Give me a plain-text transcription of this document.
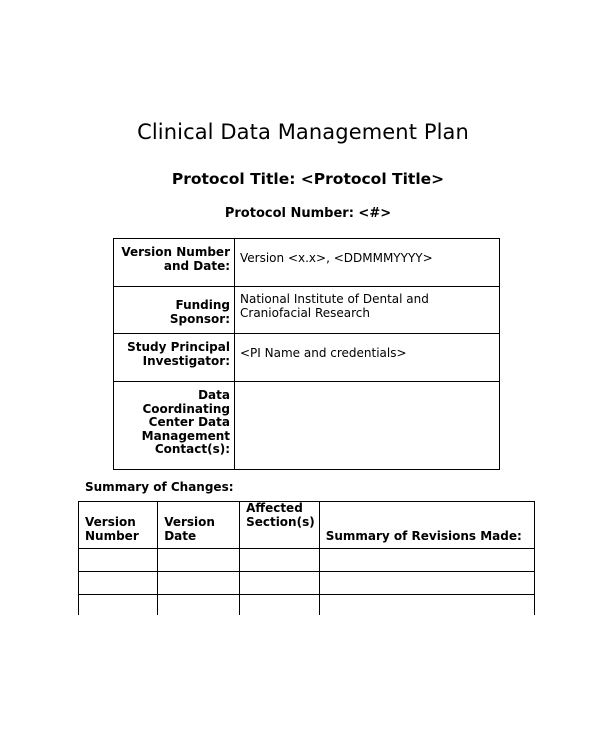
Clinical Data Management Plan
Protocol Title: <Protocol Title>
Protocol Number: <#>
Version Number and Date:	Version <x.x>, <DDMMMYYYY>
Funding Sponsor:	National Institute of Dental and Craniofacial Research
Study Principal Investigator:	<PI Name and credentials>
Data Coordinating Center Data Management Contact(s):	
Summary of Changes:
Version Number	Version Date	Affected Section(s)	Summary of Revisions Made:
